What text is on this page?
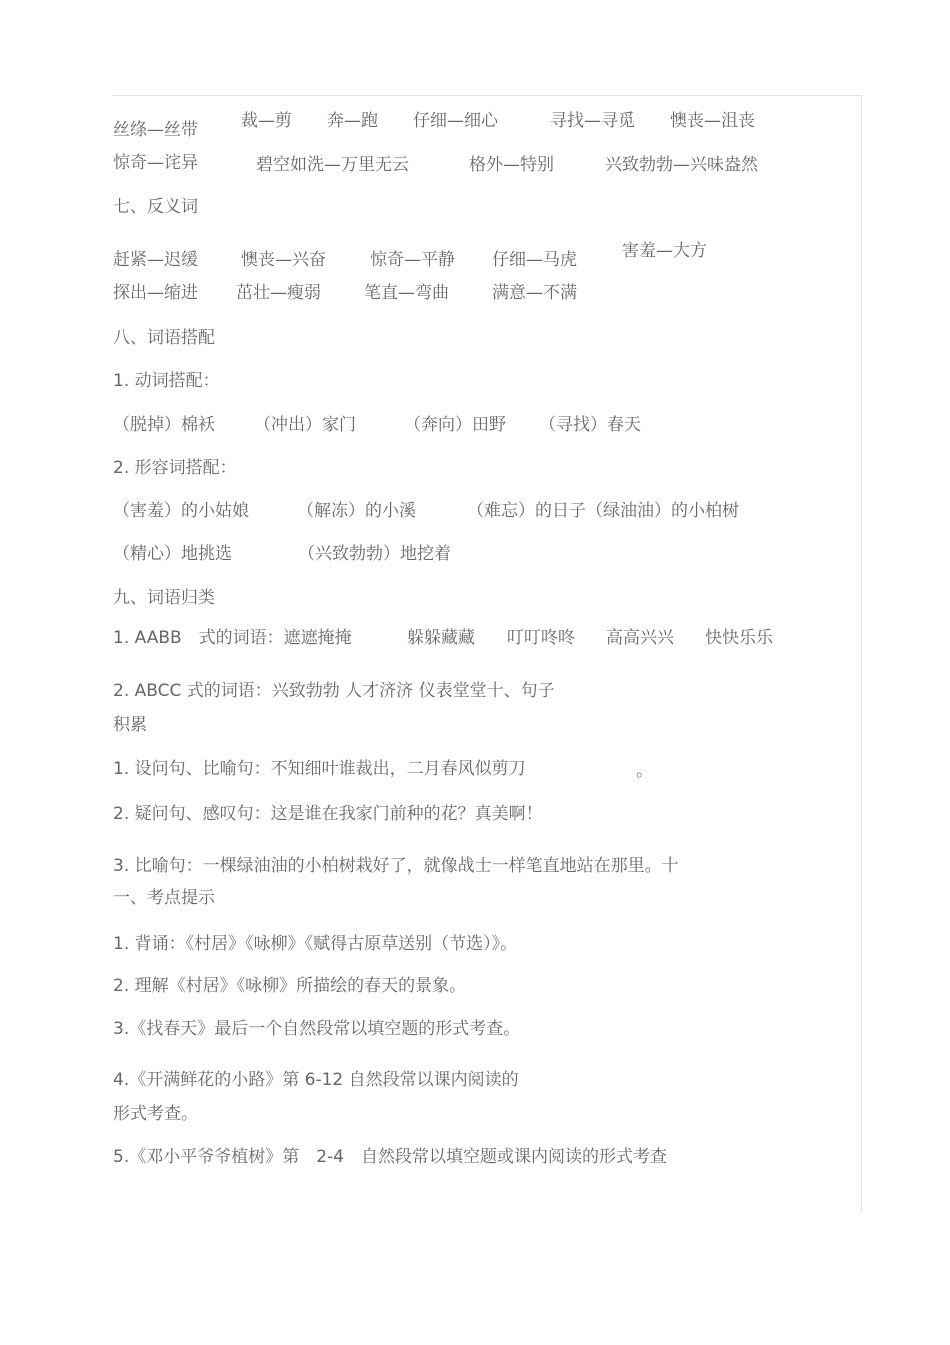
丝绦—丝带	裁—剪 奔—跑 仔细—细心	寻找—寻觅 懊丧—沮丧
惊奇—诧异	碧空如洗—万里无云	格外—特别	兴致勃勃—兴味盎然
七、反义词
赶紧—迟缓	懊丧—兴奋	惊奇—平静 仔细—马虎	害羞—大方
探出—缩进 茁壮—瘦弱	笔直—弯曲	满意—不满
八、词语搭配
1. 动词搭配：
（脱掉）棉袄 （冲出）家门	（奔向）田野 （寻找）春天
2. 形容词搭配：
（害羞）的小姑娘	（解冻）的小溪	（难忘）的日子（绿油油）的小柏树
（精心）地挑选	（兴致勃勃）地挖着
九、词语归类
1. AABB　式的词语：遮遮掩掩	躲躲藏藏 叮叮咚咚 高高兴兴 快快乐乐
2. ABCC 式的词语：兴致勃勃 人才济济 仪表堂堂十、句子
积累
1. 设问句、比喻句：不知细叶谁裁出，二月春风似剪刀	。
2. 疑问句、感叹句：这是谁在我家门前种的花？真美啊！
3. 比喻句：一棵绿油油的小柏树栽好了，就像战士一样笔直地站在那里。十
一、考点提示
1. 背诵：《村居》《咏柳》《赋得古原草送别（节选）》。
2. 理解《村居》《咏柳》所描绘的春天的景象。
3.《找春天》最后一个自然段常以填空题的形式考查。
4.《开满鲜花的小路》第 6-12 自然段常以课内阅读的
形式考查。
5.《邓小平爷爷植树》第　2-4　自然段常以填空题或课内阅读的形式考查
